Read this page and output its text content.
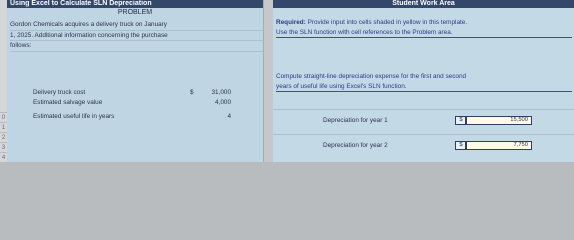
0
1
2
3
4
Using Excel to Calculate SLN Depreciation
PROBLEM
Gordon Chemicals acquires a delivery truck on January
1, 2025. Additional information concerning the purchase
follows:
Delivery truck cost	$	31,000
Estimated salvage value	4,000
Estimated useful life in years	4
Student Work Area
Required: Provide input into cells shaded in yellow in this template.
Use the SLN function with cell references to the Problem area.
Compute straight-line depreciation expense for the first and second
years of useful life using Excel's SLN function.
Depreciation for year 1	$	15,500
Depreciation for year 2	$	7,750
